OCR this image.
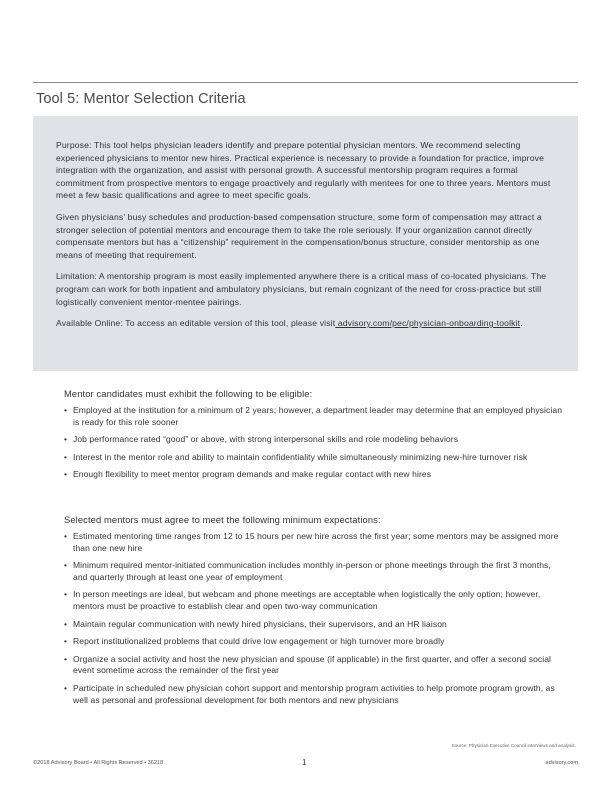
Tool 5: Mentor Selection Criteria

Purpose: This tool helps physician leaders identify and prepare potential physician mentors. We recommend selecting experienced physicians to mentor new hires. Practical experience is necessary to provide a foundation for practice, improve integration with the organization, and assist with personal growth. A successful mentorship program requires a formal commitment from prospective mentors to engage proactively and regularly with mentees for one to three years. Mentors must meet a few basic qualifications and agree to meet specific goals.

Given physicians’ busy schedules and production-based compensation structure, some form of compensation may attract a stronger selection of potential mentors and encourage them to take the role seriously. If your organization cannot directly compensate mentors but has a “citizenship” requirement in the compensation/bonus structure, consider mentorship as one means of meeting that requirement.

Limitation: A mentorship program is most easily implemented anywhere there is a critical mass of co-located physicians. The program can work for both inpatient and ambulatory physicians, but remain cognizant of the need for cross-practice but still logistically convenient mentor-mentee pairings.

Available Online: To access an editable version of this tool, please visit advisory.com/pec/physician-onboarding-toolkit.

Mentor candidates must exhibit the following to be eligible:
• Employed at the institution for a minimum of 2 years; however, a department leader may determine that an employed physician is ready for this role sooner
• Job performance rated “good” or above, with strong interpersonal skills and role modeling behaviors
• Interest in the mentor role and ability to maintain confidentiality while simultaneously minimizing new-hire turnover risk
• Enough flexibility to meet mentor program demands and make regular contact with new hires
Selected mentors must agree to meet the following minimum expectations:
• Estimated mentoring time ranges from 12 to 15 hours per new hire across the first year; some mentors may be assigned more than one new hire
• Minimum required mentor-initiated communication includes monthly in-person or phone meetings through the first 3 months, and quarterly through at least one year of employment
• In person meetings are ideal, but webcam and phone meetings are acceptable when logistically the only option; however, mentors must be proactive to establish clear and open two-way communication
• Maintain regular communication with newly hired physicians, their supervisors, and an HR liaison
• Report institutionalized problems that could drive low engagement or high turnover more broadly
• Organize a social activity and host the new physician and spouse (if applicable) in the first quarter, and offer a second social event sometime across the remainder of the first year
• Participate in scheduled new physician cohort support and mentorship program activities to help promote program growth, as well as personal and professional development for both mentors and new physicians
Source: Physician Executive Council interviews and analysis.
©2018 Advisory Board • All Rights Reserved • 36218	1	advisory.com
